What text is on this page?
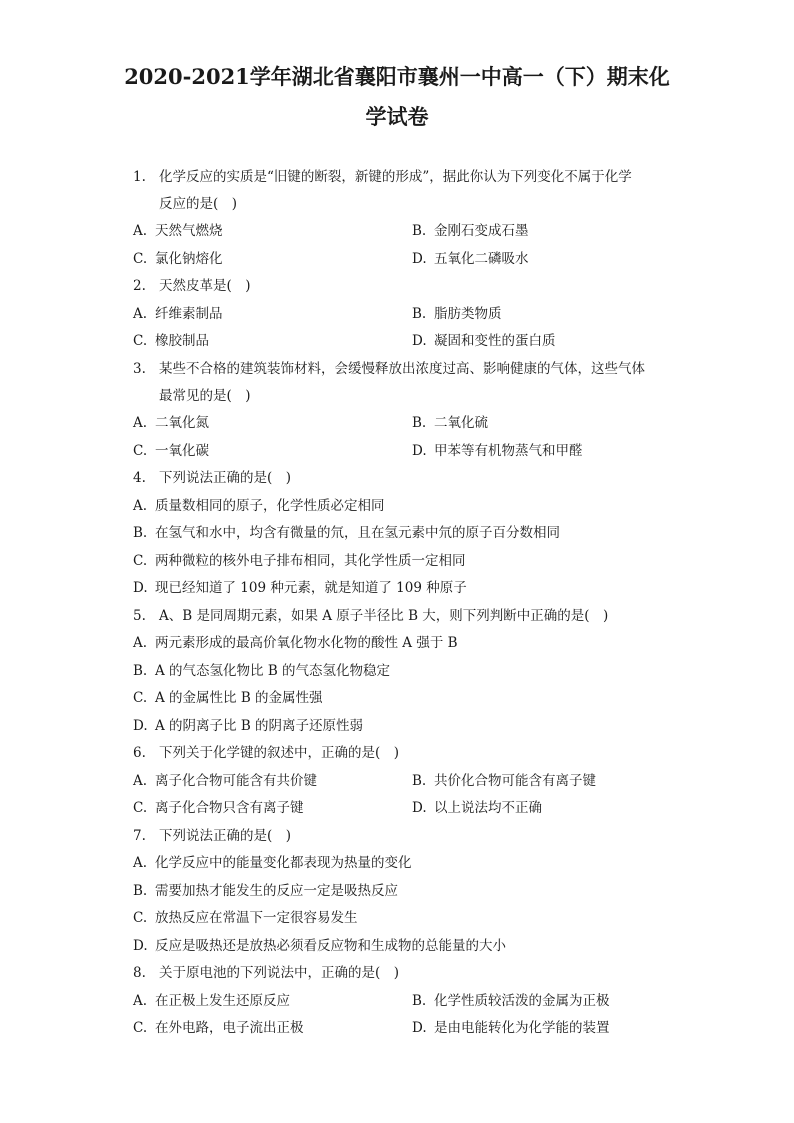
2020-2021学年湖北省襄阳市襄州一中高一（下）期末化
学试卷
1. 化学反应的实质是“旧键的断裂，新键的形成”，据此你认为下列变化不属于化学
反应的是(　)
A. 天然气燃烧	B. 金刚石变成石墨
C. 氯化钠熔化	D. 五氧化二磷吸水
2. 天然皮革是(　)
A. 纤维素制品	B. 脂肪类物质
C. 橡胶制品	D. 凝固和变性的蛋白质
3. 某些不合格的建筑装饰材料，会缓慢释放出浓度过高、影响健康的气体，这些气体
最常见的是(　)
A. 二氧化氮	B. 二氧化硫
C. 一氧化碳	D. 甲苯等有机物蒸气和甲醛
4. 下列说法正确的是(　)
A. 质量数相同的原子，化学性质必定相同
B. 在氢气和水中，均含有微量的氘，且在氢元素中氘的原子百分数相同
C. 两种微粒的核外电子排布相同，其化学性质一定相同
D. 现已经知道了 109 种元素，就是知道了 109 种原子
5. A、B 是同周期元素，如果 A 原子半径比 B 大，则下列判断中正确的是(　)
A. 两元素形成的最高价氧化物水化物的酸性 A 强于 B
B. A 的气态氢化物比 B 的气态氢化物稳定
C. A 的金属性比 B 的金属性强
D. A 的阴离子比 B 的阴离子还原性弱
6. 下列关于化学键的叙述中，正确的是(　)
A. 离子化合物可能含有共价键	B. 共价化合物可能含有离子键
C. 离子化合物只含有离子键	D. 以上说法均不正确
7. 下列说法正确的是(　)
A. 化学反应中的能量变化都表现为热量的变化
B. 需要加热才能发生的反应一定是吸热反应
C. 放热反应在常温下一定很容易发生
D. 反应是吸热还是放热必须看反应物和生成物的总能量的大小
8. 关于原电池的下列说法中，正确的是(　)
A. 在正极上发生还原反应	B. 化学性质较活泼的金属为正极
C. 在外电路，电子流出正极	D. 是由电能转化为化学能的装置
